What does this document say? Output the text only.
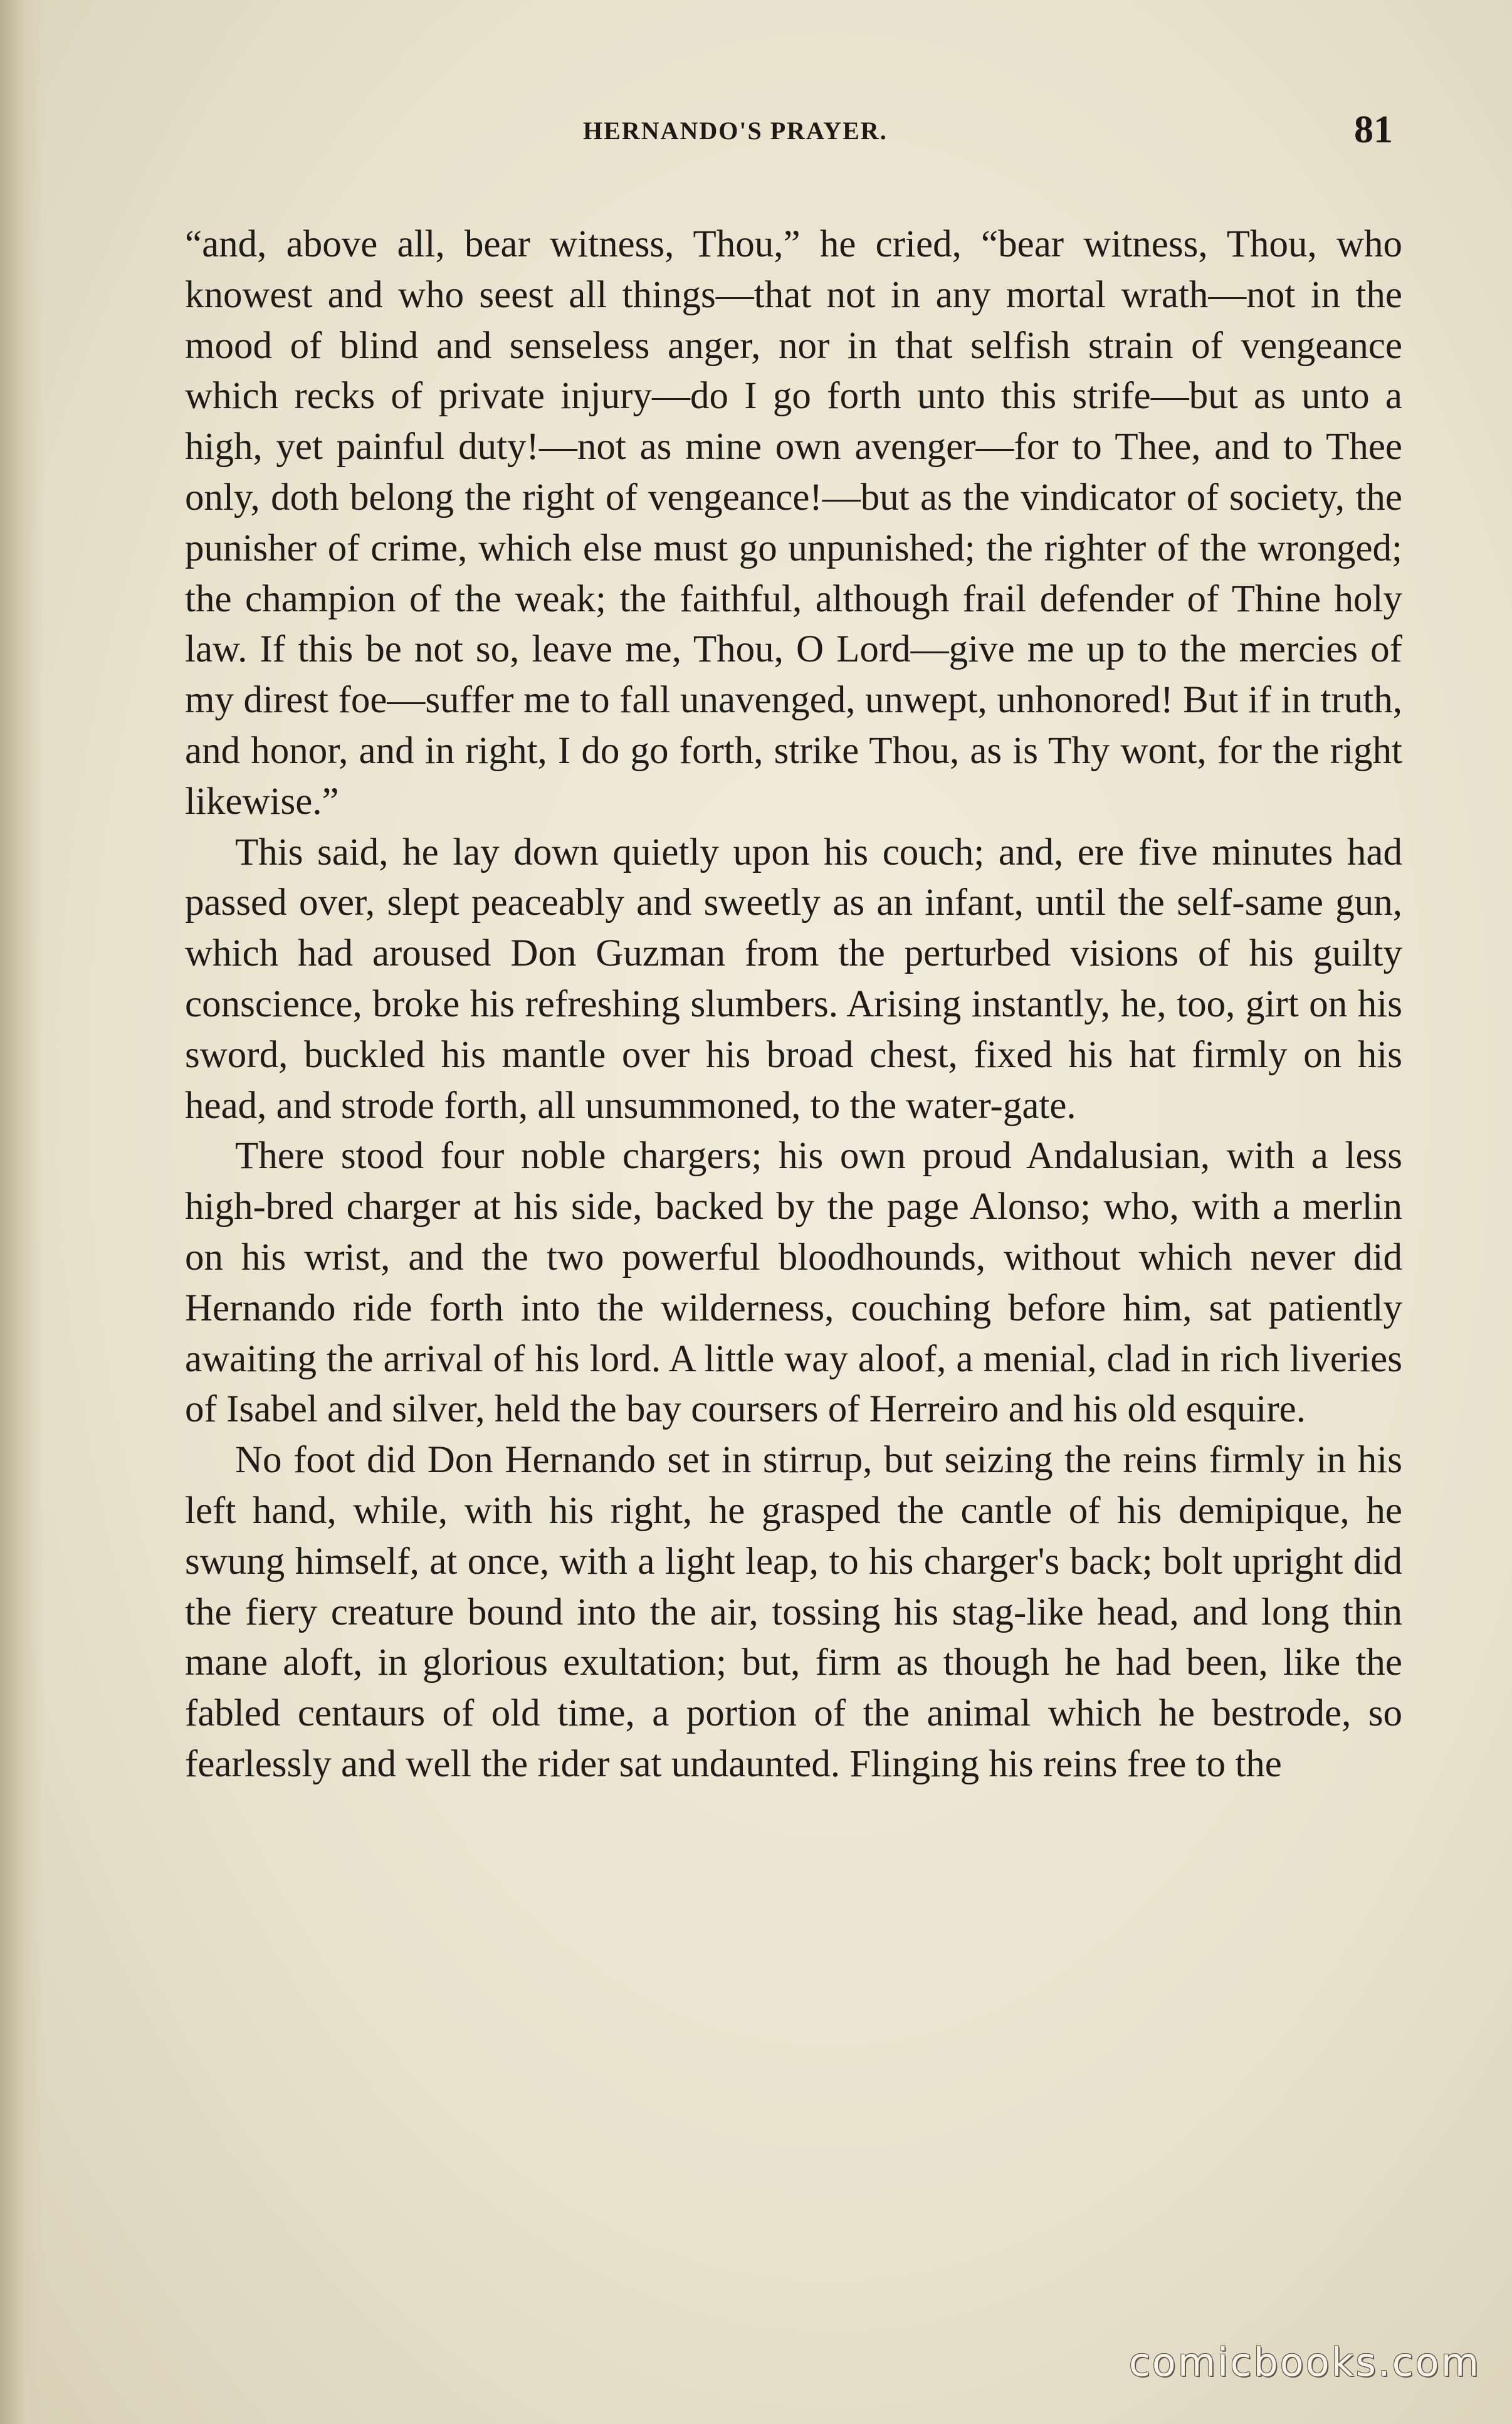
HERNANDO'S PRAYER.	81

“and, above all, bear witness, Thou,” he cried, “bear witness, Thou, who knowest and who seest all things—that not in any mortal wrath—not in the mood of blind and senseless anger, nor in that selfish strain of vengeance which recks of private injury—do I go forth unto this strife—but as unto a high, yet painful duty!—not as mine own avenger—for to Thee, and to Thee only, doth belong the right of vengeance!—but as the vindicator of society, the punisher of crime, which else must go unpunished; the righter of the wronged; the champion of the weak; the faithful, although frail defender of Thine holy law. If this be not so, leave me, Thou, O Lord—give me up to the mercies of my direst foe—suffer me to fall unavenged, unwept, unhonored! But if in truth, and honor, and in right, I do go forth, strike Thou, as is Thy wont, for the right likewise.”

This said, he lay down quietly upon his couch; and, ere five minutes had passed over, slept peaceably and sweetly as an infant, until the self-same gun, which had aroused Don Guzman from the perturbed visions of his guilty conscience, broke his refreshing slumbers. Arising instantly, he, too, girt on his sword, buckled his mantle over his broad chest, fixed his hat firmly on his head, and strode forth, all unsummoned, to the water-gate.

There stood four noble chargers; his own proud Andalusian, with a less high-bred charger at his side, backed by the page Alonso; who, with a merlin on his wrist, and the two powerful bloodhounds, without which never did Hernando ride forth into the wilderness, couching before him, sat patiently awaiting the arrival of his lord. A little way aloof, a menial, clad in rich liveries of Isabel and silver, held the bay coursers of Herreiro and his old esquire.

No foot did Don Hernando set in stirrup, but seizing the reins firmly in his left hand, while, with his right, he grasped the cantle of his demipique, he swung himself, at once, with a light leap, to his charger's back; bolt upright did the fiery creature bound into the air, tossing his stag-like head, and long thin mane aloft, in glorious exultation; but, firm as though he had been, like the fabled centaurs of old time, a portion of the animal which he bestrode, so fearlessly and well the rider sat undaunted. Flinging his reins free to the

comicbooks.com
